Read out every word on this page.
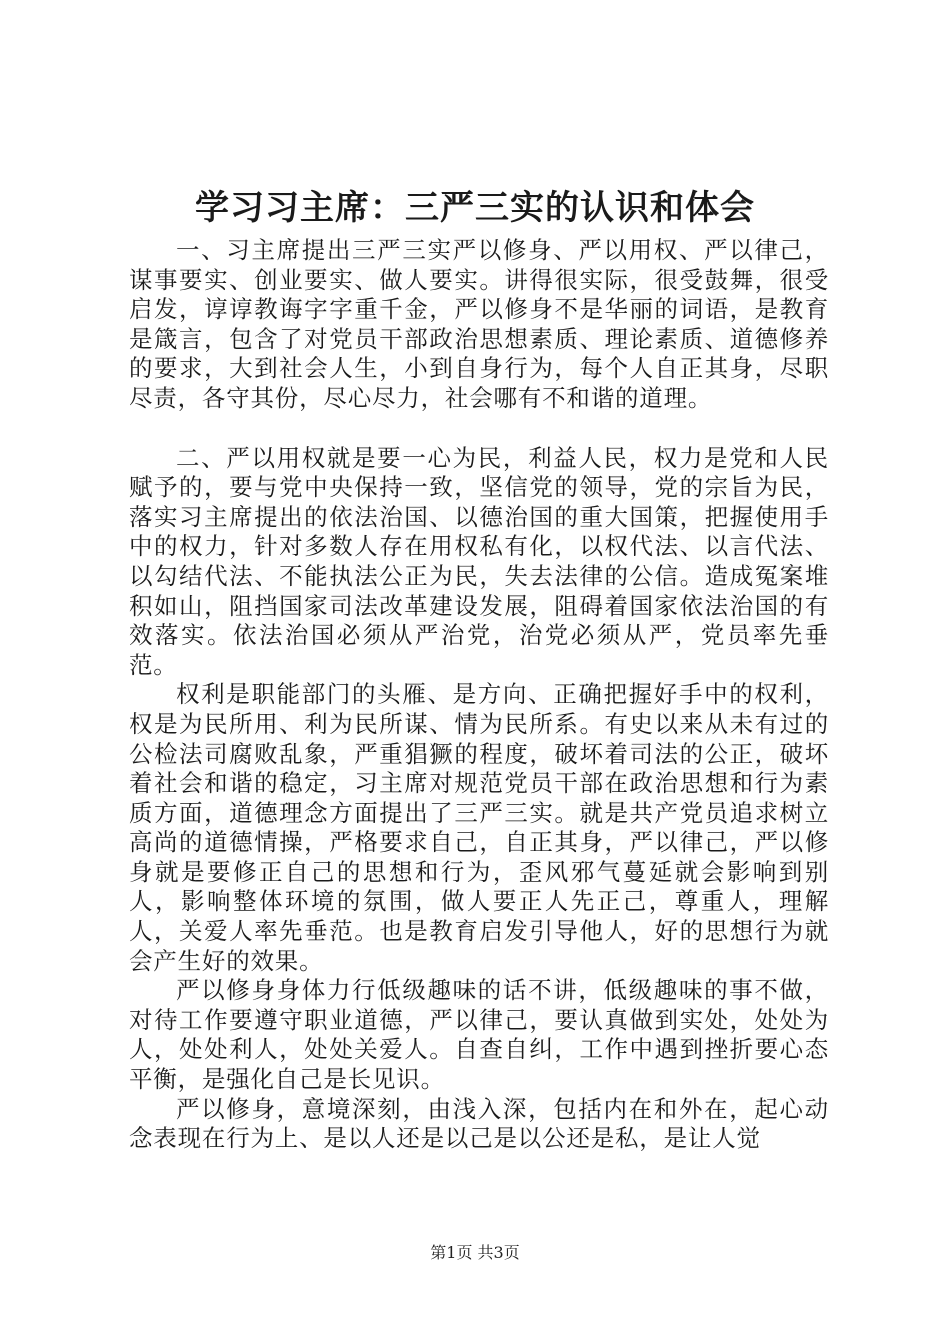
学习习主席：三严三实的认识和体会

一、习主席提出三严三实严以修身、严以用权、严以律己，谋事要实、创业要实、做人要实。讲得很实际，很受鼓舞，很受启发，谆谆教诲字字重千金，严以修身不是华丽的词语，是教育是箴言，包含了对党员干部政治思想素质、理论素质、道德修养的要求，大到社会人生，小到自身行为，每个人自正其身，尽职尽责，各守其份，尽心尽力，社会哪有不和谐的道理。

二、严以用权就是要一心为民，利益人民，权力是党和人民赋予的，要与党中央保持一致，坚信党的领导，党的宗旨为民，落实习主席提出的依法治国、以德治国的重大国策，把握使用手中的权力，针对多数人存在用权私有化，以权代法、以言代法、以勾结代法、不能执法公正为民，失去法律的公信。造成冤案堆积如山，阻挡国家司法改革建设发展，阻碍着国家依法治国的有效落实。依法治国必须从严治党，治党必须从严，党员率先垂范。

权利是职能部门的头雁、是方向、正确把握好手中的权利，权是为民所用、利为民所谋、情为民所系。有史以来从未有过的公检法司腐败乱象，严重猖獗的程度，破坏着司法的公正，破坏着社会和谐的稳定，习主席对规范党员干部在政治思想和行为素质方面，道德理念方面提出了三严三实。就是共产党员追求树立高尚的道德情操，严格要求自己，自正其身，严以律己，严以修身就是要修正自己的思想和行为，歪风邪气蔓延就会影响到别人，影响整体环境的氛围，做人要正人先正己，尊重人，理解人，关爱人率先垂范。也是教育启发引导他人，好的思想行为就会产生好的效果。

严以修身身体力行低级趣味的话不讲，低级趣味的事不做，对待工作要遵守职业道德，严以律己，要认真做到实处，处处为人，处处利人，处处关爱人。自查自纠，工作中遇到挫折要心态平衡，是强化自己是长见识。

严以修身，意境深刻，由浅入深，包括内在和外在，起心动念表现在行为上、是以人还是以己是以公还是私，是让人觉

第1页 共3页
